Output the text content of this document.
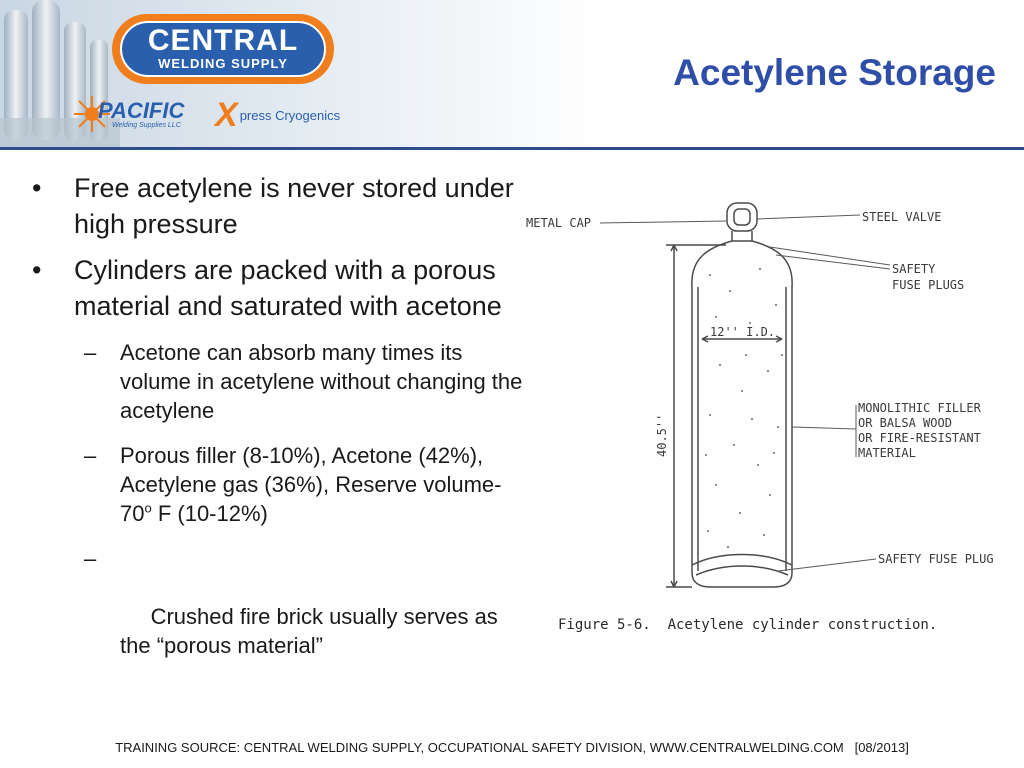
CENTRAL
WELDING SUPPLY
PACIFIC
Welding Supplies LLC Xpress Cryogenics
Acetylene Storage
• Free acetylene is never stored under high pressure
• Cylinders are packed with a porous material and saturated with acetone
– Acetone can absorb many times its volume in acetylene without changing the acetylene
– Porous filler (8-10%), Acetone (42%), Acetylene gas (36%), Reserve volume-70$^o$ F (10-12%)

–

Crushed fire brick usually serves as the “porous material”

METAL CAP	STEEL VALVE
SAFETY
FUSE PLUGS
12'' I.D.
40.5''
MONOLITHIC FILLER
OR BALSA WOOD
OR FIRE-RESISTANT
MATERIAL
SAFETY FUSE PLUG
Figure 5-6.  Acetylene cylinder construction.
TRAINING SOURCE: CENTRAL WELDING SUPPLY, OCCUPATIONAL SAFETY DIVISION, WWW.CENTRALWELDING.COM   [08/2013]
